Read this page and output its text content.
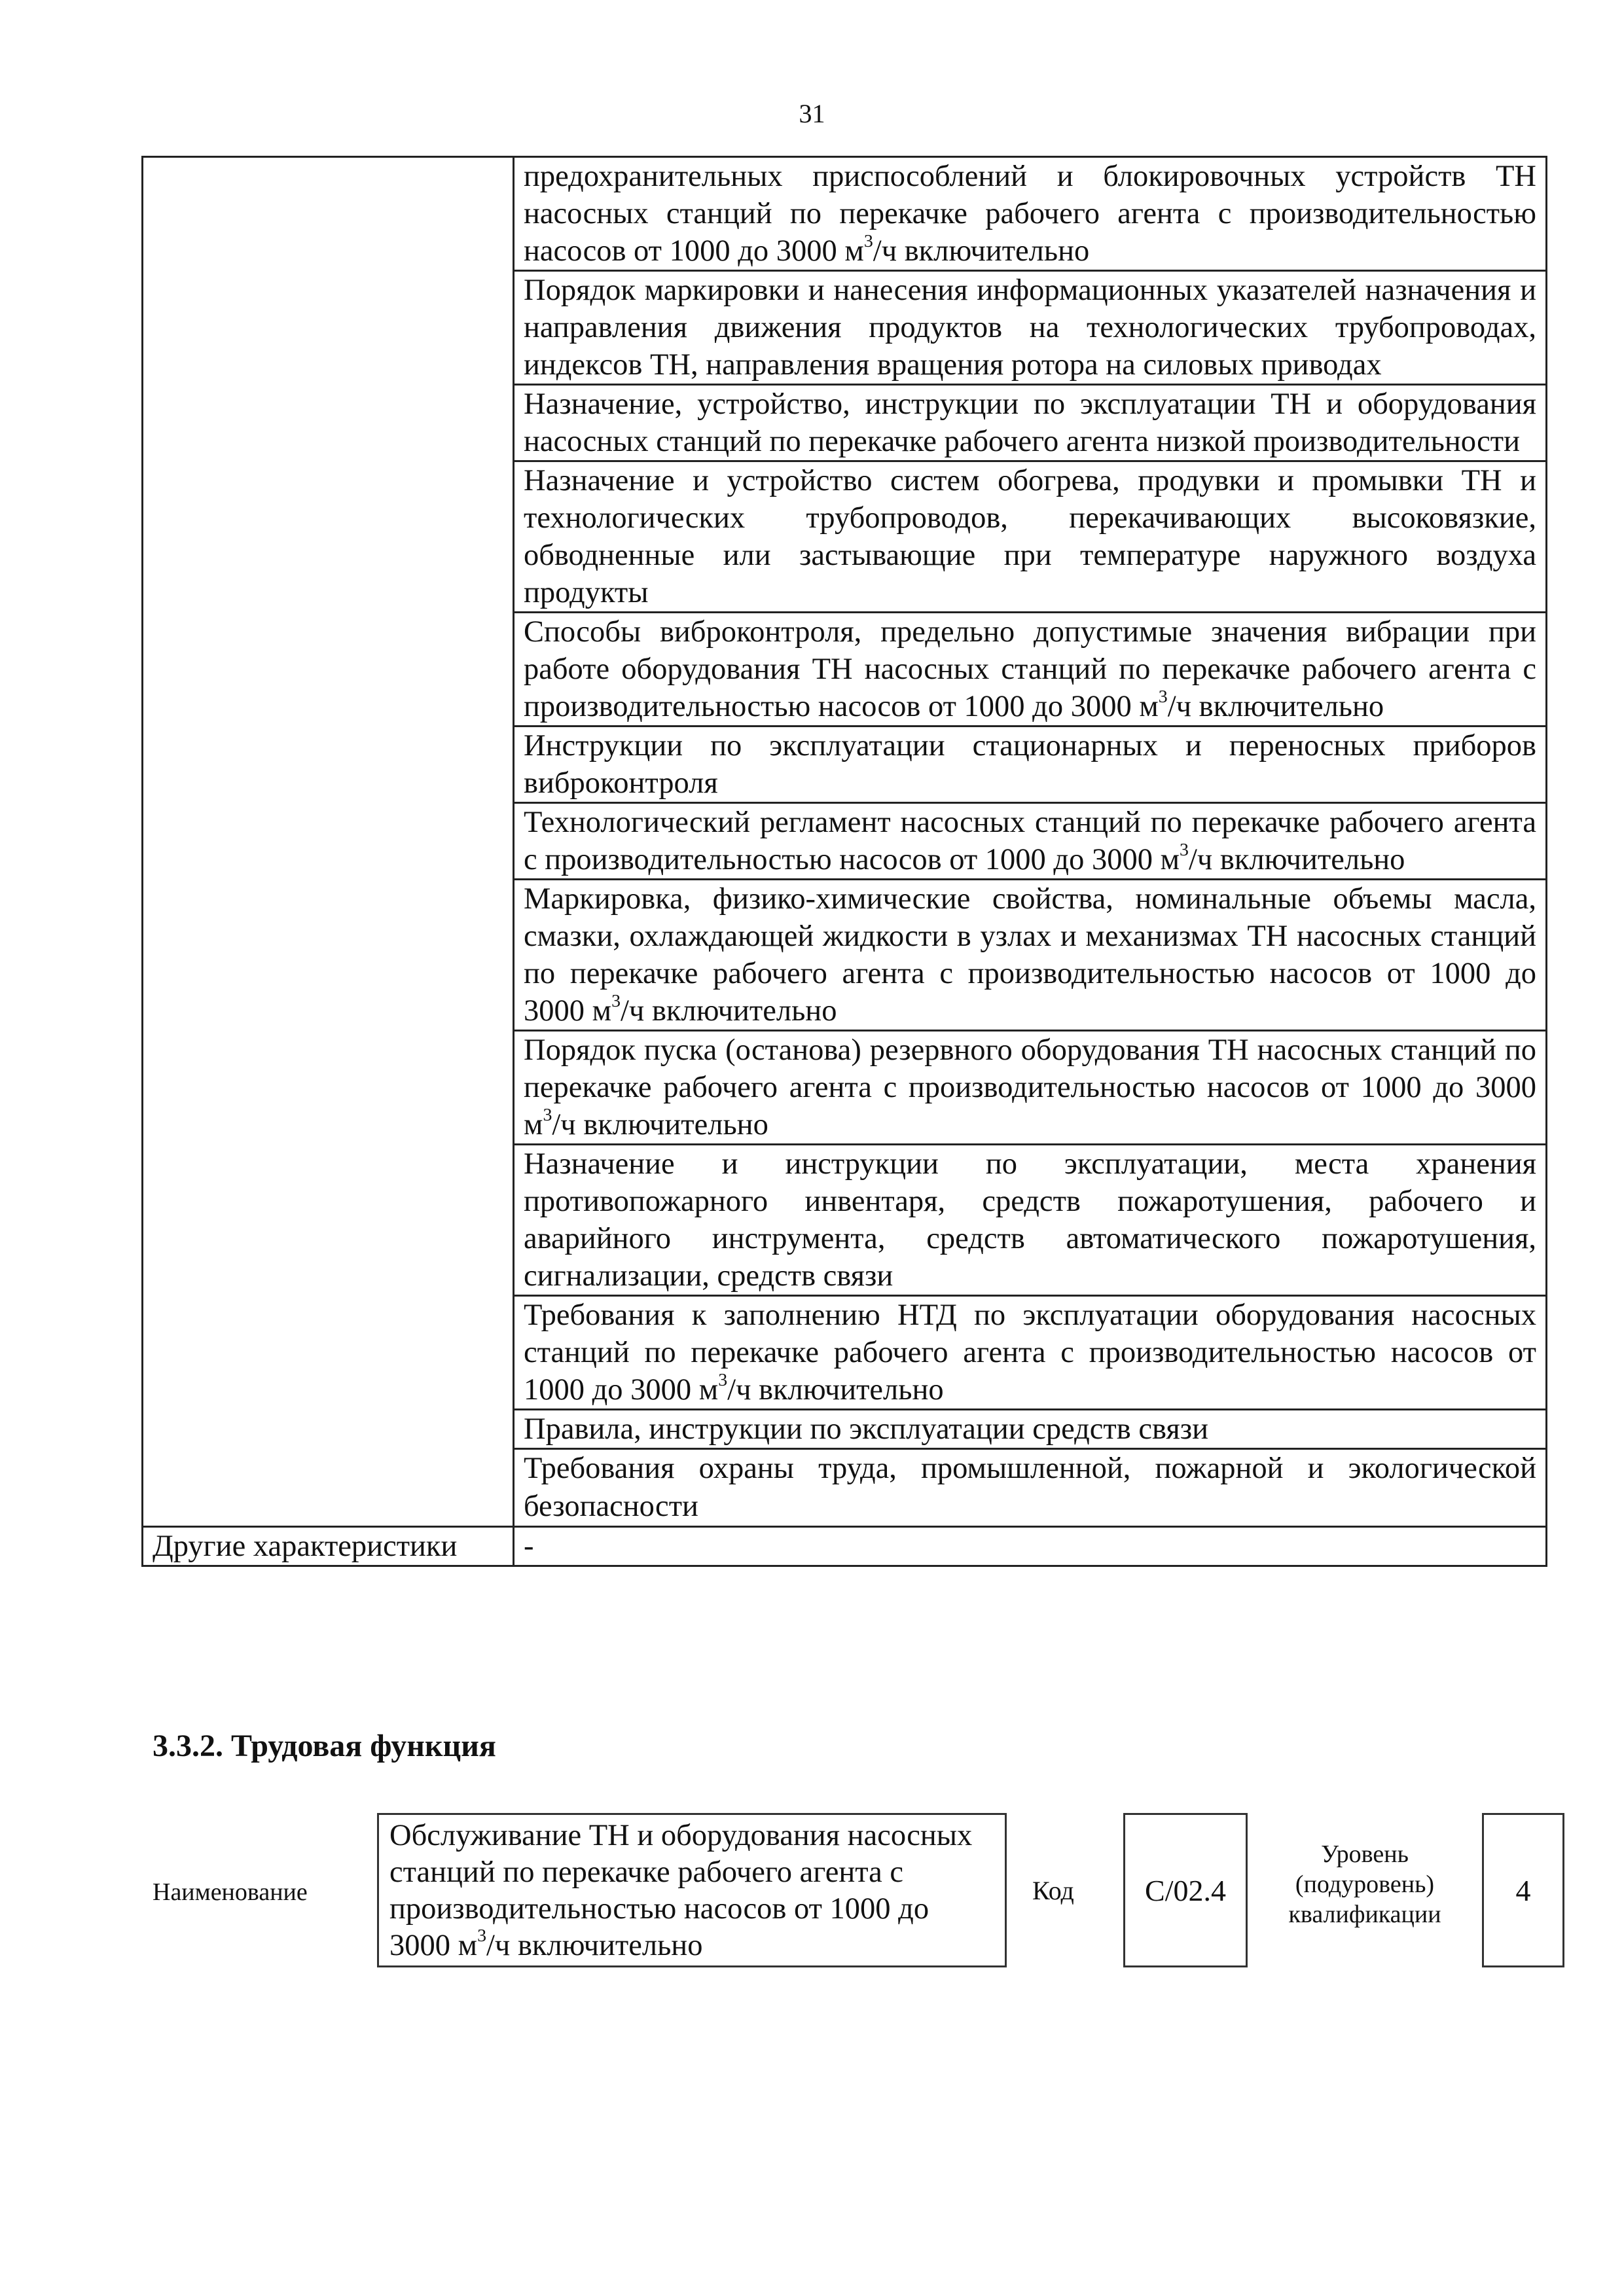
31
	предохранительных приспособлений и блокировочных устройств ТН насосных станций по перекачке рабочего агента с производительностью насосов от 1000 до 3000 $м^3/ч$ включительно
	Порядок маркировки и нанесения информационных указателей назначения и направления движения продуктов на технологических трубопроводах, индексов ТН, направления вращения ротора на силовых приводах
	Назначение, устройство, инструкции по эксплуатации ТН и оборудования насосных станций по перекачке рабочего агента низкой производительности
	Назначение и устройство систем обогрева, продувки и промывки ТН и технологических трубопроводов, перекачивающих высоковязкие, обводненные или застывающие при температуре наружного воздуха продукты
	Способы виброконтроля, предельно допустимые значения вибрации при работе оборудования ТН насосных станций по перекачке рабочего агента с производительностью насосов от 1000 до 3000 $м^3/ч$ включительно
	Инструкции по эксплуатации стационарных и переносных приборов виброконтроля
	Технологический регламент насосных станций по перекачке рабочего агента с производительностью насосов от 1000 до 3000 $м^3/ч$ включительно
	Маркировка, физико-химические свойства, номинальные объемы масла, смазки, охлаждающей жидкости в узлах и механизмах ТН насосных станций по перекачке рабочего агента с производительностью насосов от 1000 до 3000 $м^3/ч$ включительно
	Порядок пуска (останова) резервного оборудования ТН насосных станций по перекачке рабочего агента с производительностью насосов от 1000 до 3000 $м^3/ч$ включительно
	Назначение и инструкции по эксплуатации, места хранения противопожарного инвентаря, средств пожаротушения, рабочего и аварийного инструмента, средств автоматического пожаротушения, сигнализации, средств связи
	Требования к заполнению НТД по эксплуатации оборудования насосных станций по перекачке рабочего агента с производительностью насосов от 1000 до 3000 $м^3/ч$ включительно
	Правила, инструкции по эксплуатации средств связи
	Требования охраны труда, промышленной, пожарной и экологической безопасности
Другие характеристики	-
3.3.2. Трудовая функция
Наименование
Обслуживание ТН и оборудования насосных станций по перекачке рабочего агента с производительностью насосов от 1000 до 3000 $м^3/ч$ включительно
Код С/02.4
Уровень
(подуровень)
квалификации
4
